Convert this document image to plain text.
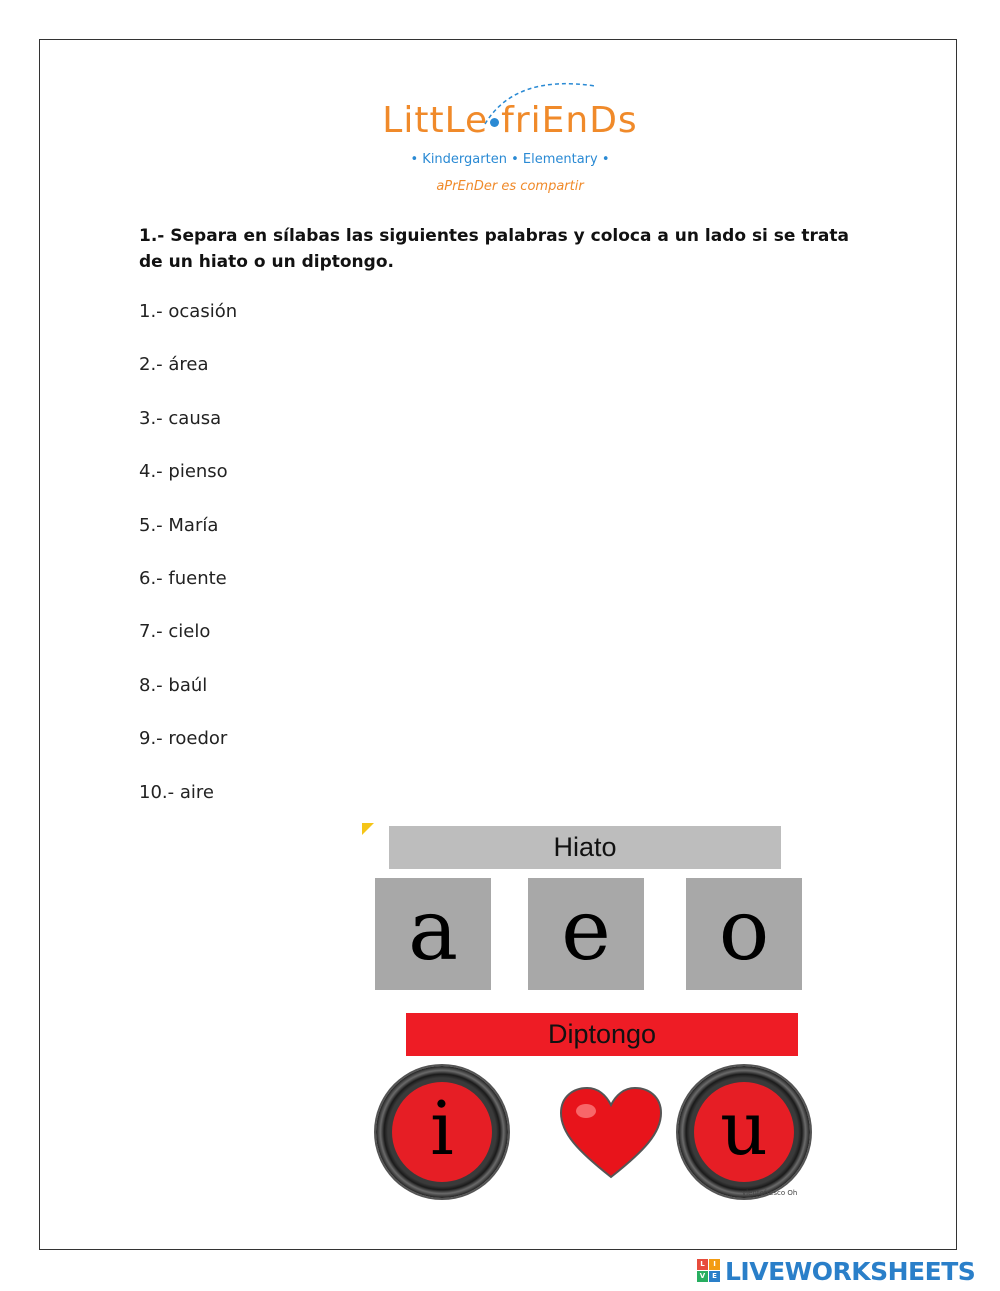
LittLe friEnDs
• Kindergarten • Elementary •
aPrEnDer es compartir
1.- Separa en sílabas las siguientes palabras y coloca a un lado si se trata de un hiato o un diptongo.
1.- ocasión
2.- área
3.- causa
4.- pienso
5.- María
6.- fuente
7.- cielo
8.- baúl
9.- roedor
10.- aire
Hiato
a	e	o
Diptongo
i	u
vientofresco Oh
L	I
V E LIVEWORKSHEETS
